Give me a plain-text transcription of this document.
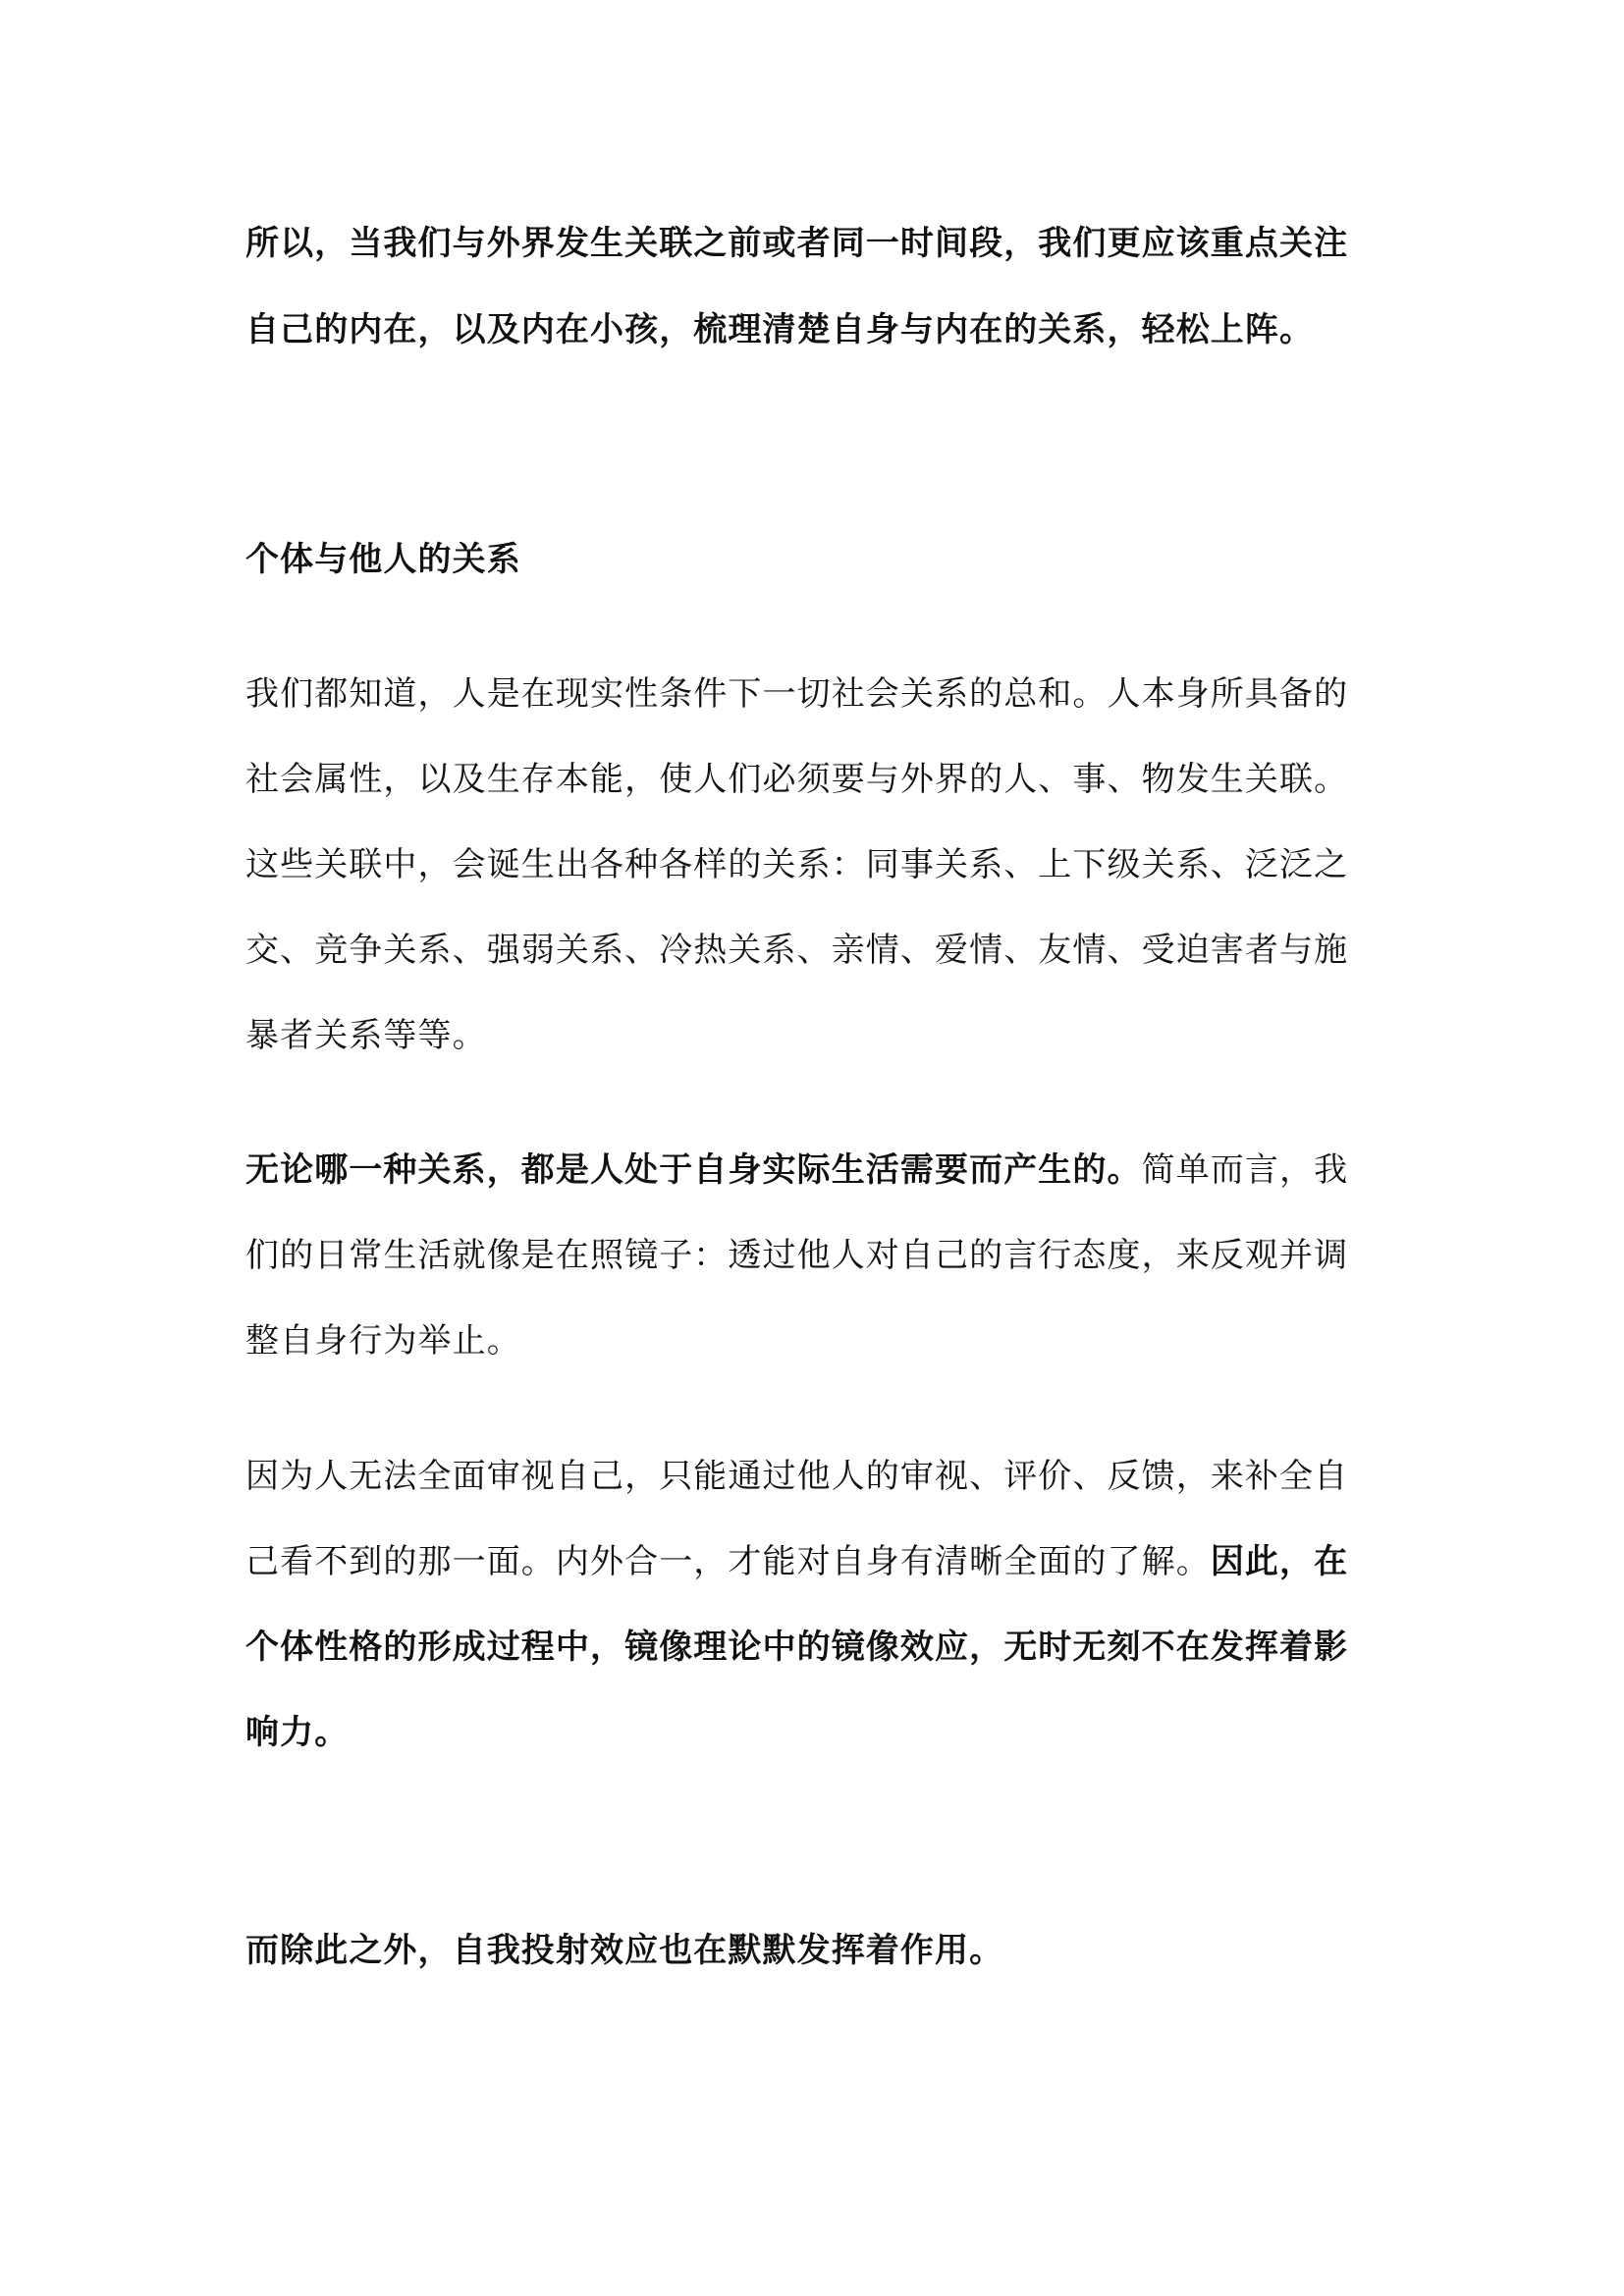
所以，当我们与外界发生关联之前或者同一时间段，我们更应该重点关注
自己的内在，以及内在小孩，梳理清楚自身与内在的关系，轻松上阵。
个体与他人的关系
我们都知道，人是在现实性条件下一切社会关系的总和。人本身所具备的
社会属性，以及生存本能，使人们必须要与外界的人、事、物发生关联。
这些关联中，会诞生出各种各样的关系：同事关系、上下级关系、泛泛之
交、竞争关系、强弱关系、冷热关系、亲情、爱情、友情、受迫害者与施
暴者关系等等。
无论哪一种关系，都是人处于自身实际生活需要而产生的。简单而言，我
们的日常生活就像是在照镜子：透过他人对自己的言行态度，来反观并调
整自身行为举止。
因为人无法全面审视自己，只能通过他人的审视、评价、反馈，来补全自
己看不到的那一面。内外合一，才能对自身有清晰全面的了解。因此，在
个体性格的形成过程中，镜像理论中的镜像效应，无时无刻不在发挥着影
响力。
而除此之外，自我投射效应也在默默发挥着作用。
